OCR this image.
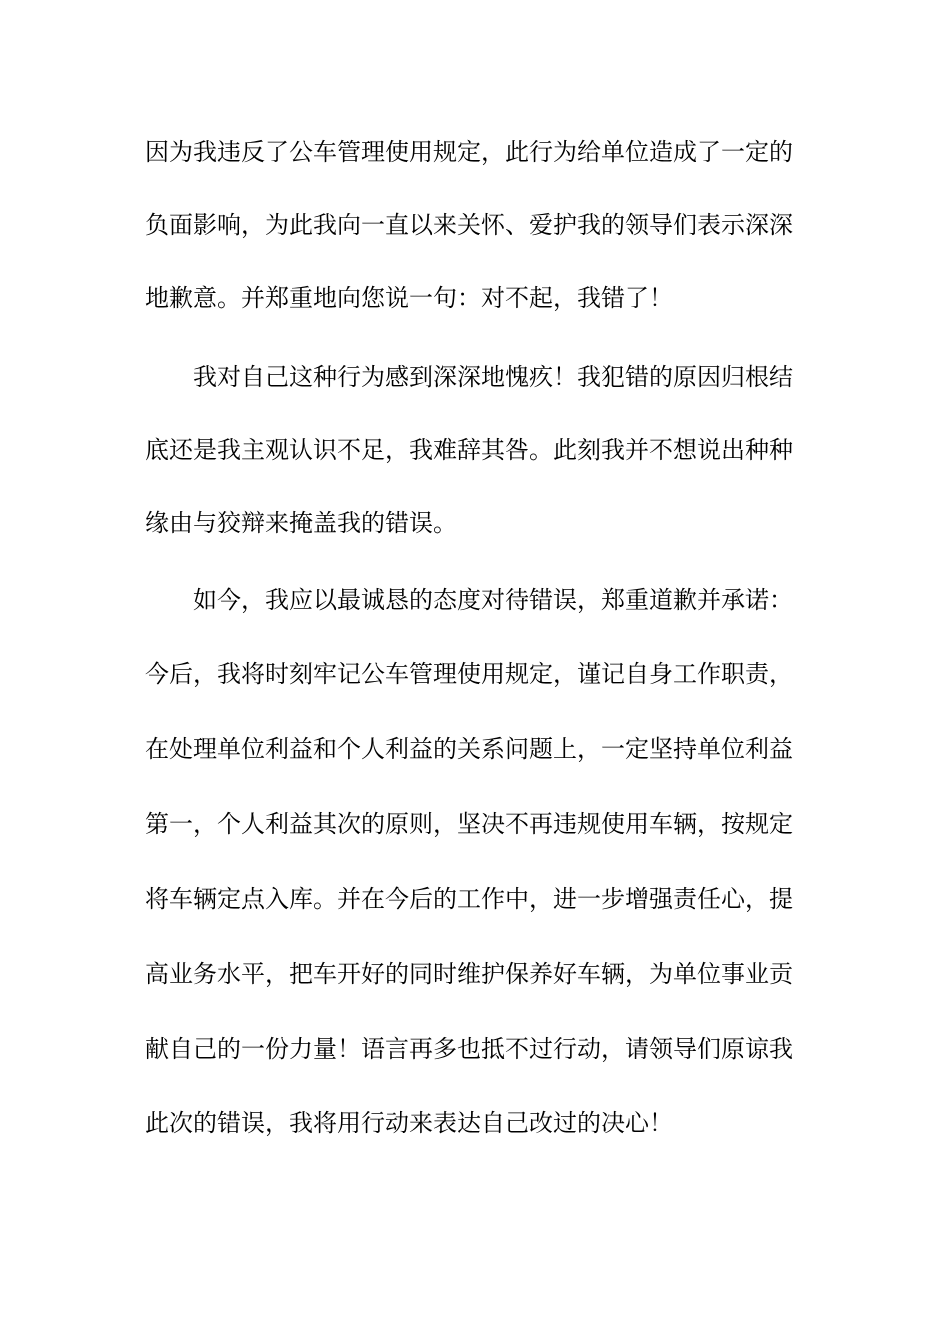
因为我违反了公车管理使用规定，此行为给单位造成了一定的
负面影响，为此我向一直以来关怀、爱护我的领导们表示深深
地歉意。并郑重地向您说一句：对不起，我错了！
我对自己这种行为感到深深地愧疚！我犯错的原因归根结
底还是我主观认识不足，我难辞其咎。此刻我并不想说出种种
缘由与狡辩来掩盖我的错误。
如今，我应以最诚恳的态度对待错误，郑重道歉并承诺：
今后，我将时刻牢记公车管理使用规定，谨记自身工作职责，
在处理单位利益和个人利益的关系问题上，一定坚持单位利益
第一，个人利益其次的原则，坚决不再违规使用车辆，按规定
将车辆定点入库。并在今后的工作中，进一步增强责任心，提
高业务水平，把车开好的同时维护保养好车辆，为单位事业贡
献自己的一份力量！语言再多也抵不过行动，请领导们原谅我
此次的错误，我将用行动来表达自己改过的决心！
